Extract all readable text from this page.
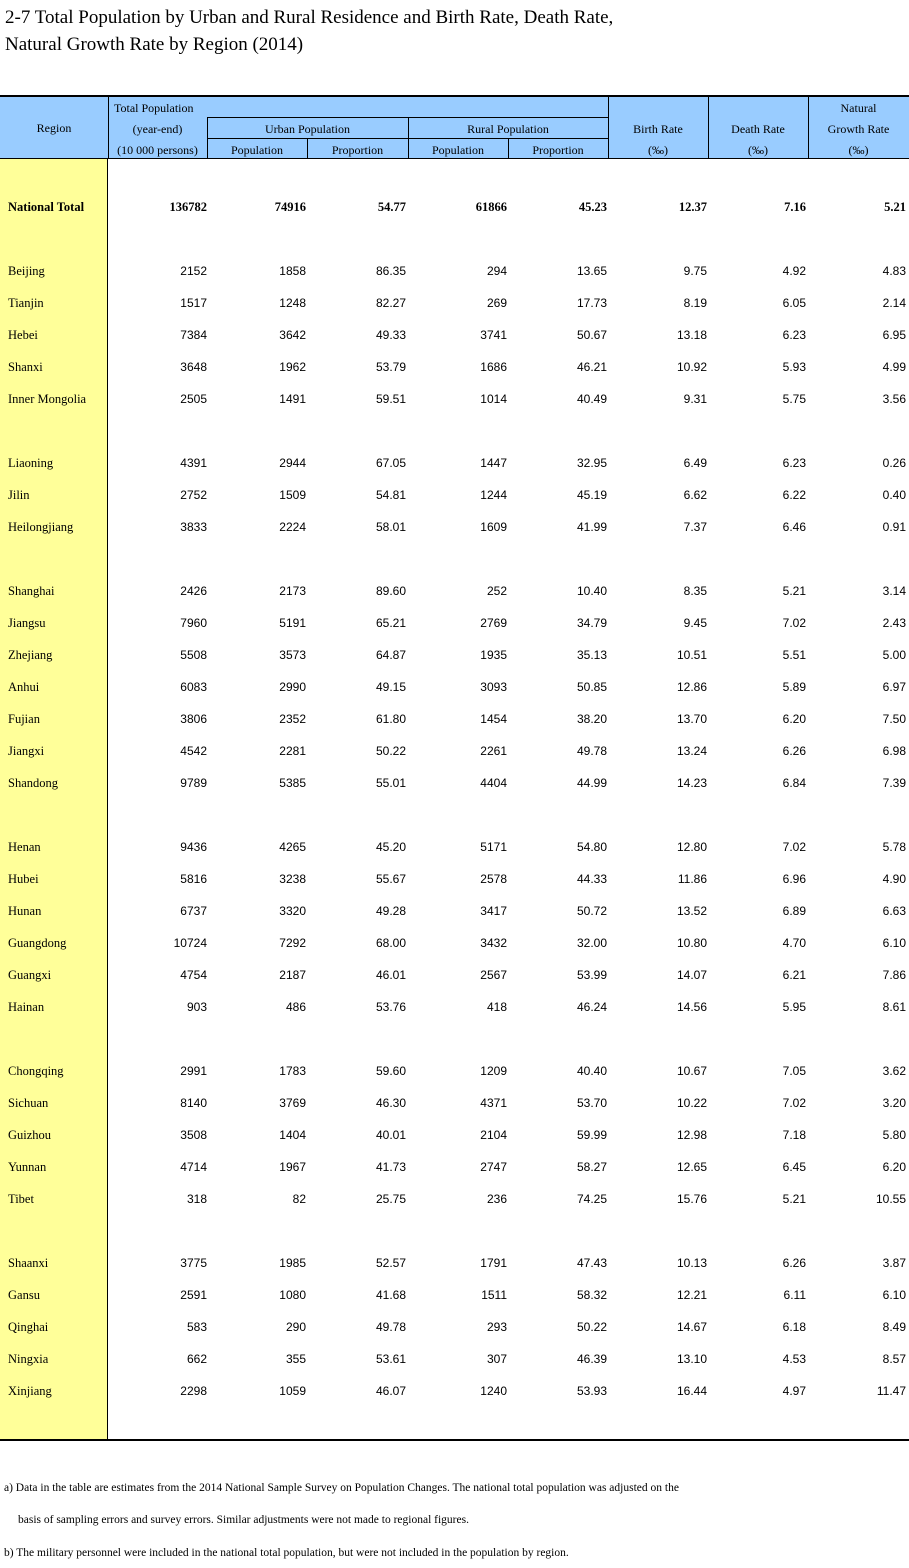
2-7 Total Population by Urban and Rural Residence and Birth Rate, Death Rate,
Natural Growth Rate by Region (2014)
Region
Total Population
(year-end)
(10 000 persons)
Urban Population	Rural Population
Population	Proportion	Population	Proportion
Birth Rate
(‰)
Death Rate
(‰)
Natural
Growth Rate
(‰)
National Total	136782	74916	54.77	61866	45.23	12.37	7.16	5.21
Beijing	2152	1858	86.35	294	13.65	9.75	4.92	4.83
Tianjin	1517	1248	82.27	269	17.73	8.19	6.05	2.14
Hebei	7384	3642	49.33	3741	50.67	13.18	6.23	6.95
Shanxi	3648	1962	53.79	1686	46.21	10.92	5.93	4.99
Inner Mongolia	2505	1491	59.51	1014	40.49	9.31	5.75	3.56
Liaoning	4391	2944	67.05	1447	32.95	6.49	6.23	0.26
Jilin	2752	1509	54.81	1244	45.19	6.62	6.22	0.40
Heilongjiang	3833	2224	58.01	1609	41.99	7.37	6.46	0.91
Shanghai	2426	2173	89.60	252	10.40	8.35	5.21	3.14
Jiangsu	7960	5191	65.21	2769	34.79	9.45	7.02	2.43
Zhejiang	5508	3573	64.87	1935	35.13	10.51	5.51	5.00
Anhui	6083	2990	49.15	3093	50.85	12.86	5.89	6.97
Fujian	3806	2352	61.80	1454	38.20	13.70	6.20	7.50
Jiangxi	4542	2281	50.22	2261	49.78	13.24	6.26	6.98
Shandong	9789	5385	55.01	4404	44.99	14.23	6.84	7.39
Henan	9436	4265	45.20	5171	54.80	12.80	7.02	5.78
Hubei	5816	3238	55.67	2578	44.33	11.86	6.96	4.90
Hunan	6737	3320	49.28	3417	50.72	13.52	6.89	6.63
Guangdong	10724	7292	68.00	3432	32.00	10.80	4.70	6.10
Guangxi	4754	2187	46.01	2567	53.99	14.07	6.21	7.86
Hainan	903	486	53.76	418	46.24	14.56	5.95	8.61
Chongqing	2991	1783	59.60	1209	40.40	10.67	7.05	3.62
Sichuan	8140	3769	46.30	4371	53.70	10.22	7.02	3.20
Guizhou	3508	1404	40.01	2104	59.99	12.98	7.18	5.80
Yunnan	4714	1967	41.73	2747	58.27	12.65	6.45	6.20
Tibet	318	82	25.75	236	74.25	15.76	5.21	10.55
Shaanxi	3775	1985	52.57	1791	47.43	10.13	6.26	3.87
Gansu	2591	1080	41.68	1511	58.32	12.21	6.11	6.10
Qinghai	583	290	49.78	293	50.22	14.67	6.18	8.49
Ningxia	662	355	53.61	307	46.39	13.10	4.53	8.57
Xinjiang	2298	1059	46.07	1240	53.93	16.44	4.97	11.47
a) Data in the table are estimates from the 2014 National Sample Survey on Population Changes. The national total population was adjusted on the
basis of sampling errors and survey errors. Similar adjustments were not made to regional figures.
b) The military personnel were included in the national total population, but were not included in the population by region.
